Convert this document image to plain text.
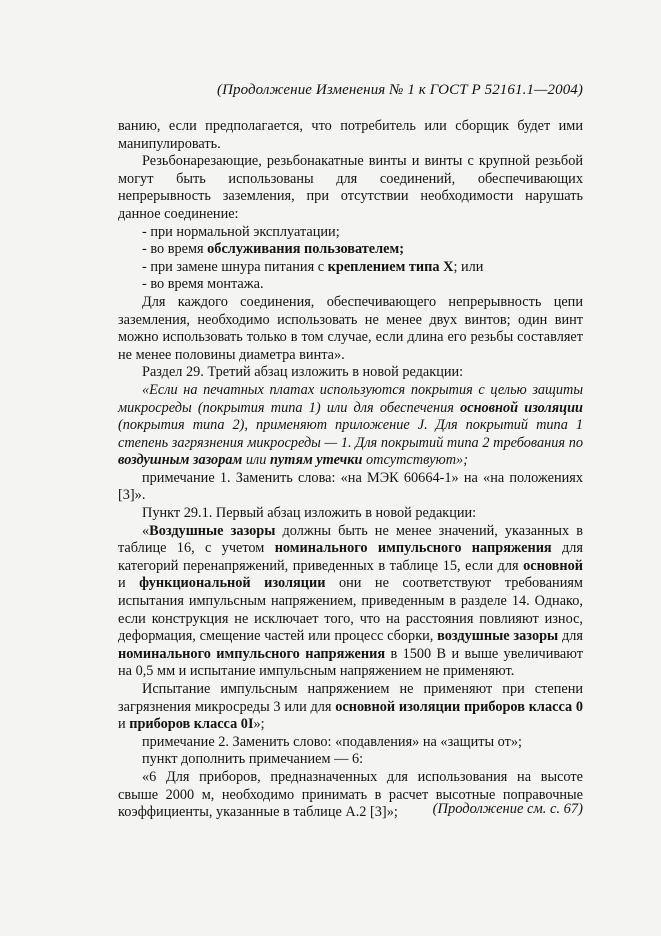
(Продолжение Изменения № 1 к ГОСТ Р 52161.1—2004)

ванию, если предполагается, что потребитель или сборщик будет ими манипулировать.

Резьбонарезающие, резьбонакатные винты и винты с крупной резьбой могут быть использованы для соединений, обеспечивающих непрерывность заземления, при отсутствии необходимости нарушать данное соединение:

- при нормальной эксплуатации;

- во время обслуживания пользователем;

- при замене шнура питания с креплением типа X; или

- во время монтажа.

Для каждого соединения, обеспечивающего непрерывность цепи заземления, необходимо использовать не менее двух винтов; один винт можно использовать только в том случае, если длина его резьбы составляет не менее половины диаметра винта».

Раздел 29. Третий абзац изложить в новой редакции:

«Если на печатных платах используются покрытия с целью защиты микросреды (покрытия типа 1) или для обеспечения основной изоляции (покрытия типа 2), применяют приложение J. Для покрытий типа 1 степень загрязнения микросреды — 1. Для покрытий типа 2 требования по воздушным зазорам или путям утечки отсутствуют»;

примечание 1. Заменить слова: «на МЭК 60664-1» на «на положениях [3]».

Пункт 29.1. Первый абзац изложить в новой редакции:

«Воздушные зазоры должны быть не менее значений, указанных в таблице 16, с учетом номинального импульсного напряжения для категорий перенапряжений, приведенных в таблице 15, если для основной и функциональной изоляции они не соответствуют требованиям испытания импульсным напряжением, приведенным в разделе 14. Однако, если конструкция не исключает того, что на расстояния повлияют износ, деформация, смещение частей или процесс сборки, воздушные зазоры для номинального импульсного напряжения в 1500 В и выше увеличивают на 0,5 мм и испытание импульсным напряжением не применяют.

Испытание импульсным напряжением не применяют при степени загрязнения микросреды 3 или для основной изоляции приборов класса 0 и приборов класса 0I»;

примечание 2. Заменить слово: «подавления» на «защиты от»;

пункт дополнить примечанием — 6:

«6 Для приборов, предназначенных для использования на высоте свыше 2000 м, необходимо принимать в расчет высотные поправочные коэффициенты, указанные в таблице А.2 [3]»;	(Продолжение см. с. 67)
